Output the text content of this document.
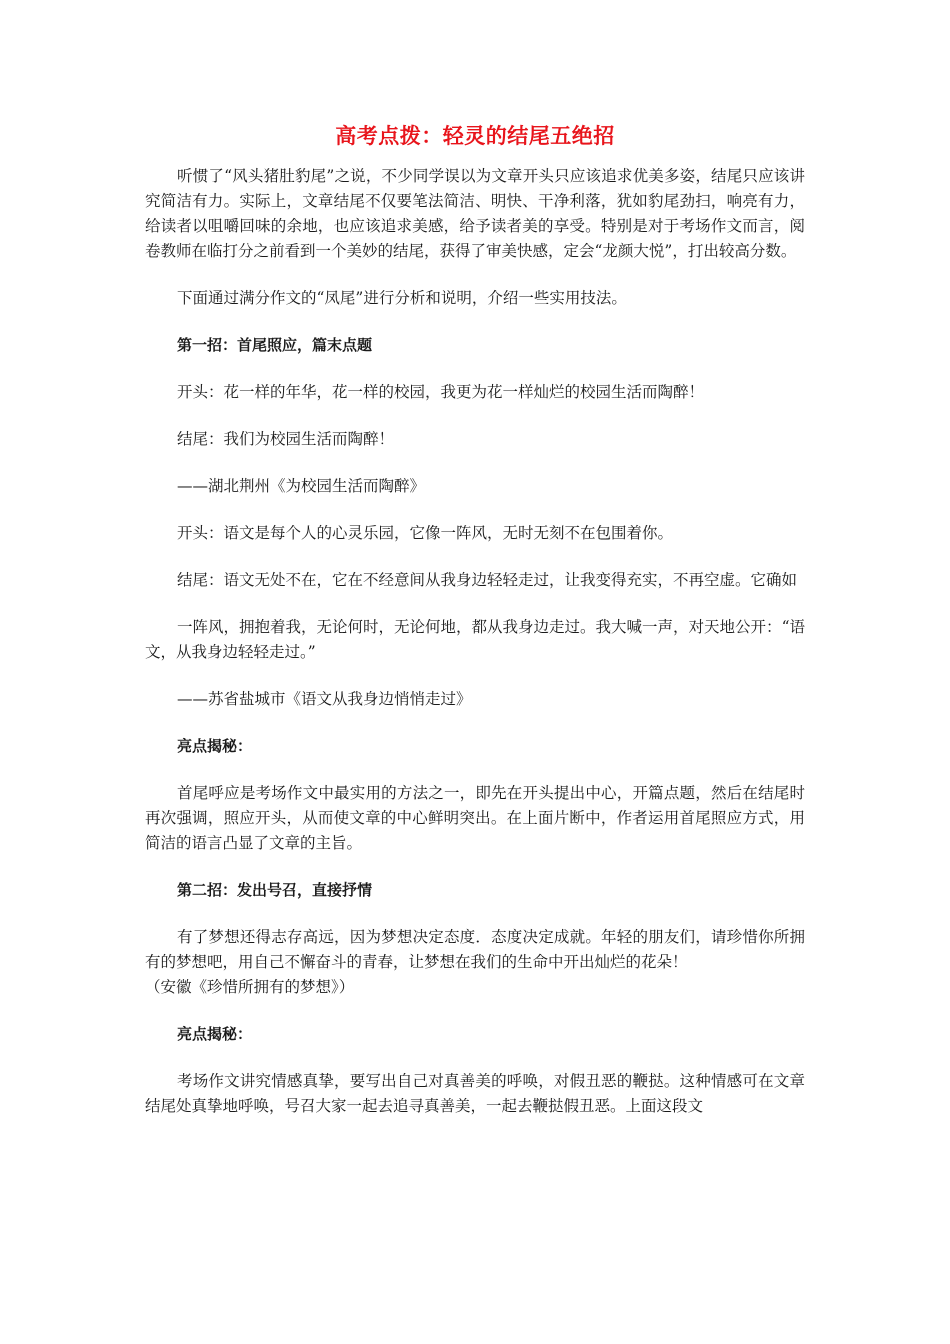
高考点拨：轻灵的结尾五绝招

听惯了“风头猪肚豹尾”之说，不少同学误以为文章开头只应该追求优美多姿，结尾只应该讲究简洁有力。实际上，文章结尾不仅要笔法简洁、明快、干净利落，犹如豹尾劲扫，响亮有力，给读者以咀嚼回味的余地，也应该追求美感，给予读者美的享受。特别是对于考场作文而言，阅卷教师在临打分之前看到一个美妙的结尾，获得了审美快感，定会“龙颜大悦”，打出较高分数。

下面通过满分作文的“凤尾”进行分析和说明，介绍一些实用技法。

第一招：首尾照应，篇末点题

开头：花一样的年华，花一样的校园，我更为花一样灿烂的校园生活而陶醉！

结尾：我们为校园生活而陶醉！

——湖北荆州《为校园生活而陶醉》

开头：语文是每个人的心灵乐园，它像一阵风，无时无刻不在包围着你。

结尾：语文无处不在，它在不经意间从我身边轻轻走过，让我变得充实，不再空虚。它确如

一阵风，拥抱着我，无论何时，无论何地，都从我身边走过。我大喊一声，对天地公开：“语文，从我身边轻轻走过。”

——苏省盐城市《语文从我身边悄悄走过》

亮点揭秘：

首尾呼应是考场作文中最实用的方法之一，即先在开头提出中心，开篇点题，然后在结尾时再次强调，照应开头，从而使文章的中心鲜明突出。在上面片断中，作者运用首尾照应方式，用简洁的语言凸显了文章的主旨。

第二招：发出号召，直接抒情

有了梦想还得志存高远，因为梦想决定态度．态度决定成就。年轻的朋友们，请珍惜你所拥有的梦想吧，用自己不懈奋斗的青春，让梦想在我们的生命中开出灿烂的花朵！

（安徽《珍惜所拥有的梦想》）

亮点揭秘：

考场作文讲究情感真挚，要写出自己对真善美的呼唤，对假丑恶的鞭挞。这种情感可在文章结尾处真挚地呼唤，号召大家一起去追寻真善美，一起去鞭挞假丑恶。上面这段文
